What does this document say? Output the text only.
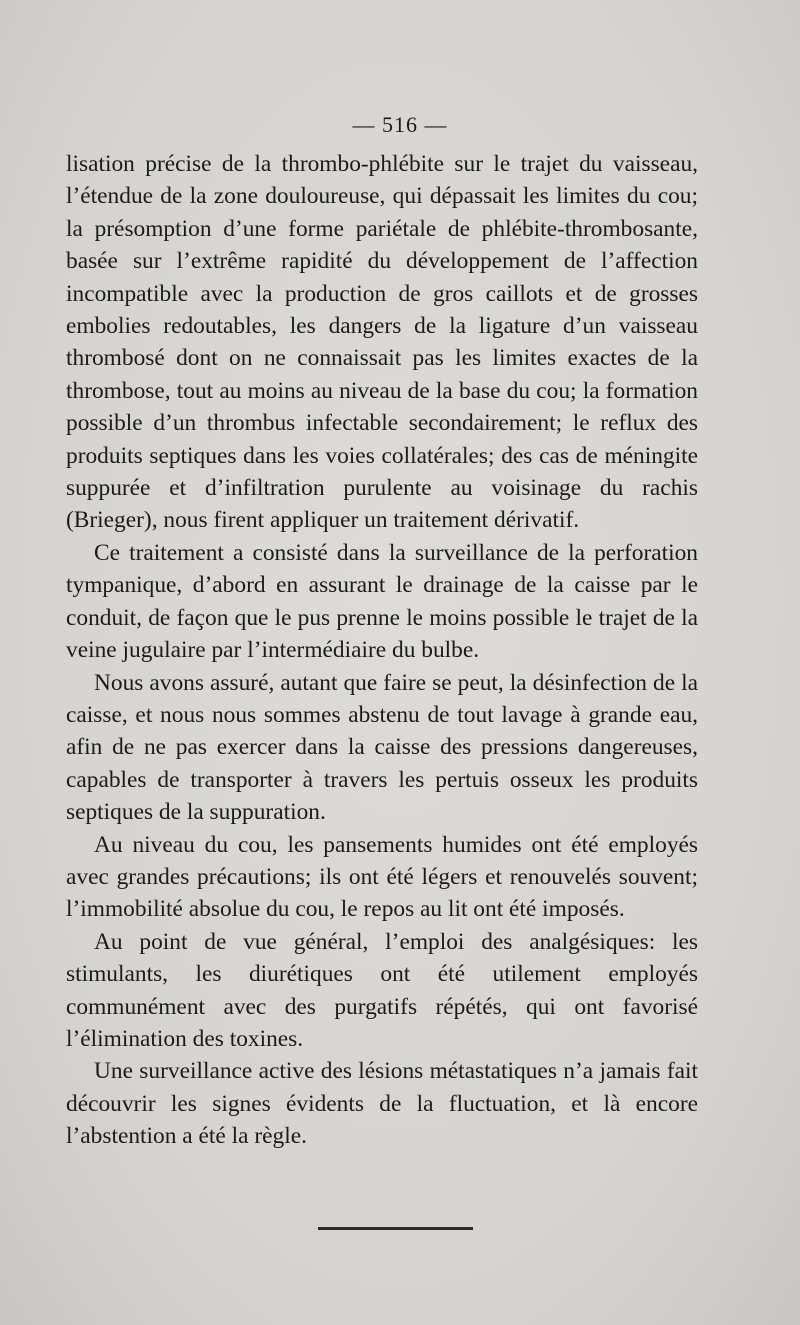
— 516 —

lisation précise de la thrombo-phlébite sur le trajet du vaisseau, l’étendue de la zone douloureuse, qui dépassait les limites du cou; la présomption d’une forme pariétale de phlébite-thrombosante, basée sur l’extrême rapidité du développement de l’affection incompatible avec la production de gros caillots et de grosses embolies redoutables, les dangers de la ligature d’un vaisseau thrombosé dont on ne connaissait pas les limites exactes de la thrombose, tout au moins au niveau de la base du cou; la formation possible d’un thrombus infectable secondairement; le reflux des produits septiques dans les voies collatérales; des cas de méningite suppurée et d’infiltration purulente au voisinage du rachis (Brieger), nous firent appliquer un traitement dérivatif.

Ce traitement a consisté dans la surveillance de la perforation tympanique, d’abord en assurant le drainage de la caisse par le conduit, de façon que le pus prenne le moins possible le trajet de la veine jugulaire par l’intermédiaire du bulbe.

Nous avons assuré, autant que faire se peut, la désinfection de la caisse, et nous nous sommes abstenu de tout lavage à grande eau, afin de ne pas exercer dans la caisse des pressions dangereuses, capables de transporter à travers les pertuis osseux les produits septiques de la suppuration.

Au niveau du cou, les pansements humides ont été employés avec grandes précautions; ils ont été légers et renouvelés souvent; l’immobilité absolue du cou, le repos au lit ont été imposés.

Au point de vue général, l’emploi des analgésiques: les stimulants, les diurétiques ont été utilement employés communément avec des purgatifs répétés, qui ont favorisé l’élimination des toxines.

Une surveillance active des lésions métastatiques n’a jamais fait découvrir les signes évidents de la fluctuation, et là encore l’abstention a été la règle.
